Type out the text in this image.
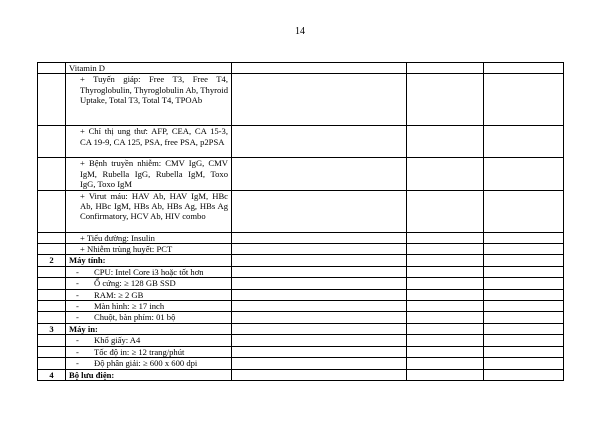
14
	Vitamin D			
	+ Tuyến giáp: Free T3, Free T4, Thyroglobulin, Thyroglobulin Ab, Thyroid Uptake, Total T3, Total T4, TPOAb			
	+ Chỉ thị ung thư: AFP, CEA, CA 15-3, CA 19-9, CA 125, PSA, free PSA, p2PSA			
	+ Bệnh truyền nhiễm: CMV IgG, CMV IgM, Rubella IgG, Rubella IgM, Toxo IgG, Toxo IgM			
	+ Virut máu: HAV Ab, HAV IgM, HBc Ab, HBc IgM, HBs Ab, HBs Ag, HBs Ag Confirmatory, HCV Ab, HIV combo			
	+ Tiểu đường: Insulin			
	+ Nhiễm trùng huyết: PCT			
2	Máy tính:			
	- CPU: Intel Core i3 hoặc tốt hơn			
	- Ổ cứng: ≥ 128 GB SSD			
	- RAM: ≥ 2 GB			
	- Màn hình: ≥ 17 inch			
	- Chuột, bàn phím: 01 bộ			
3	Máy in:			
	- Khổ giấy: A4			
	- Tốc độ in: ≥ 12 trang/phút			
	- Độ phân giải: ≥ 600 x 600 dpi			
4	Bộ lưu điện:			
